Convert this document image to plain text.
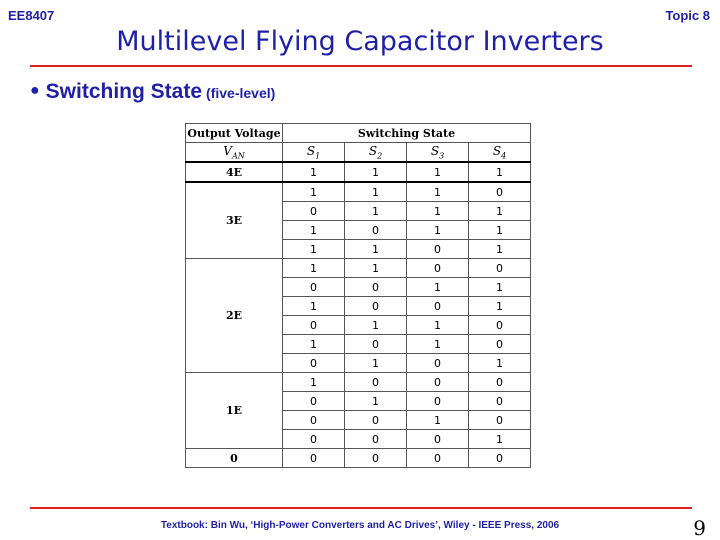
EE8407	Topic 8
Multilevel Flying Capacitor Inverters
● Switching State (five-level)
Output Voltage	Switching State			
$V_{AN}$	$S_1$	$S_2$	$S_3$	$S_4$
4E	1	1	1	1
3E	1	1	1	0
	0	1	1	1
	1	0	1	1
	1	1	0	1
2E	1	1	0	0
	0	0	1	1
	1	0	0	1
	0	1	1	0
	1	0	1	0
	0	1	0	1
1E	1	0	0	0
	0	1	0	0
	0	0	1	0
	0	0	0	1
0	0	0	0	0
Textbook: Bin Wu, ‘High-Power Converters and AC Drives’, Wiley - IEEE Press, 2006	9
